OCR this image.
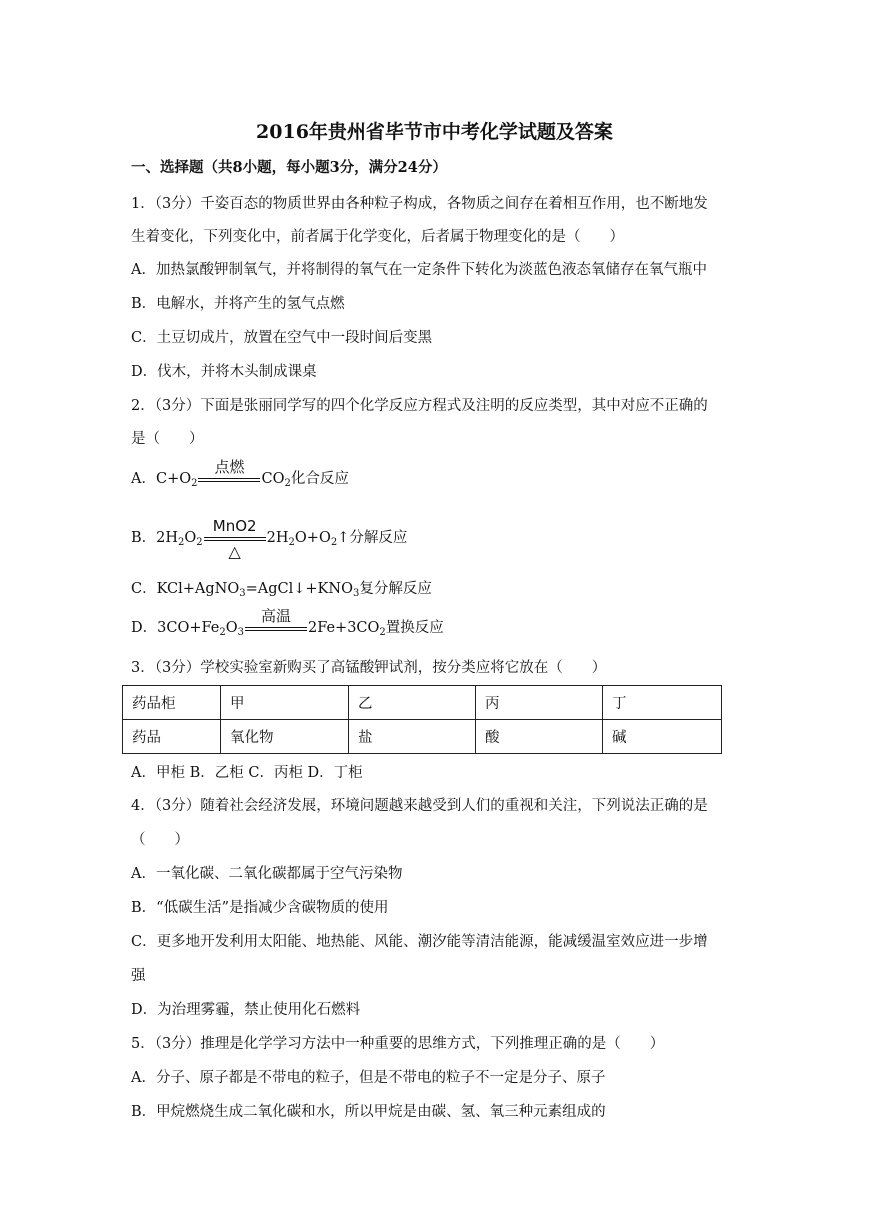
2016年贵州省毕节市中考化学试题及答案
一、选择题（共8小题，每小题3分，满分24分）
1．（3分）千姿百态的物质世界由各种粒子构成，各物质之间存在着相互作用，也不断地发
生着变化，下列变化中，前者属于化学变化，后者属于物理变化的是（　　）
A．加热氯酸钾制氧气，并将制得的氧气在一定条件下转化为淡蓝色液态氧储存在氧气瓶中
B．电解水，并将产生的氢气点燃
C．土豆切成片，放置在空气中一段时间后变黑
D．伐木，并将木头制成课桌
2．（3分）下面是张丽同学写的四个化学反应方程式及注明的反应类型，其中对应不正确的
是（　　）
A．$C+O_2$
点燃
$CO_2$化合反应
B．$2H_2O_2$
MnO2
△
$2H_2O+O_2↑$分解反应
C．$KCl+AgNO_3=AgCl↓+KNO_3$复分解反应
D．$3CO+Fe_2O_3$
高温
$2Fe+3CO_2$置换反应
3．（3分）学校实验室新购买了高锰酸钾试剂，按分类应将它放在（　　）
药品柜	甲	乙	丙	丁
药品	氧化物	盐	酸	碱
A．甲柜 B．乙柜 C．丙柜 D．丁柜
4．（3分）随着社会经济发展，环境问题越来越受到人们的重视和关注，下列说法正确的是
（　　）
A．一氧化碳、二氧化碳都属于空气污染物
B．“低碳生活”是指减少含碳物质的使用
C．更多地开发利用太阳能、地热能、风能、潮汐能等清洁能源，能减缓温室效应进一步增
强
D．为治理雾霾，禁止使用化石燃料
5．（3分）推理是化学学习方法中一种重要的思维方式，下列推理正确的是（　　）
A．分子、原子都是不带电的粒子，但是不带电的粒子不一定是分子、原子
B．甲烷燃烧生成二氧化碳和水，所以甲烷是由碳、氢、氧三种元素组成的
